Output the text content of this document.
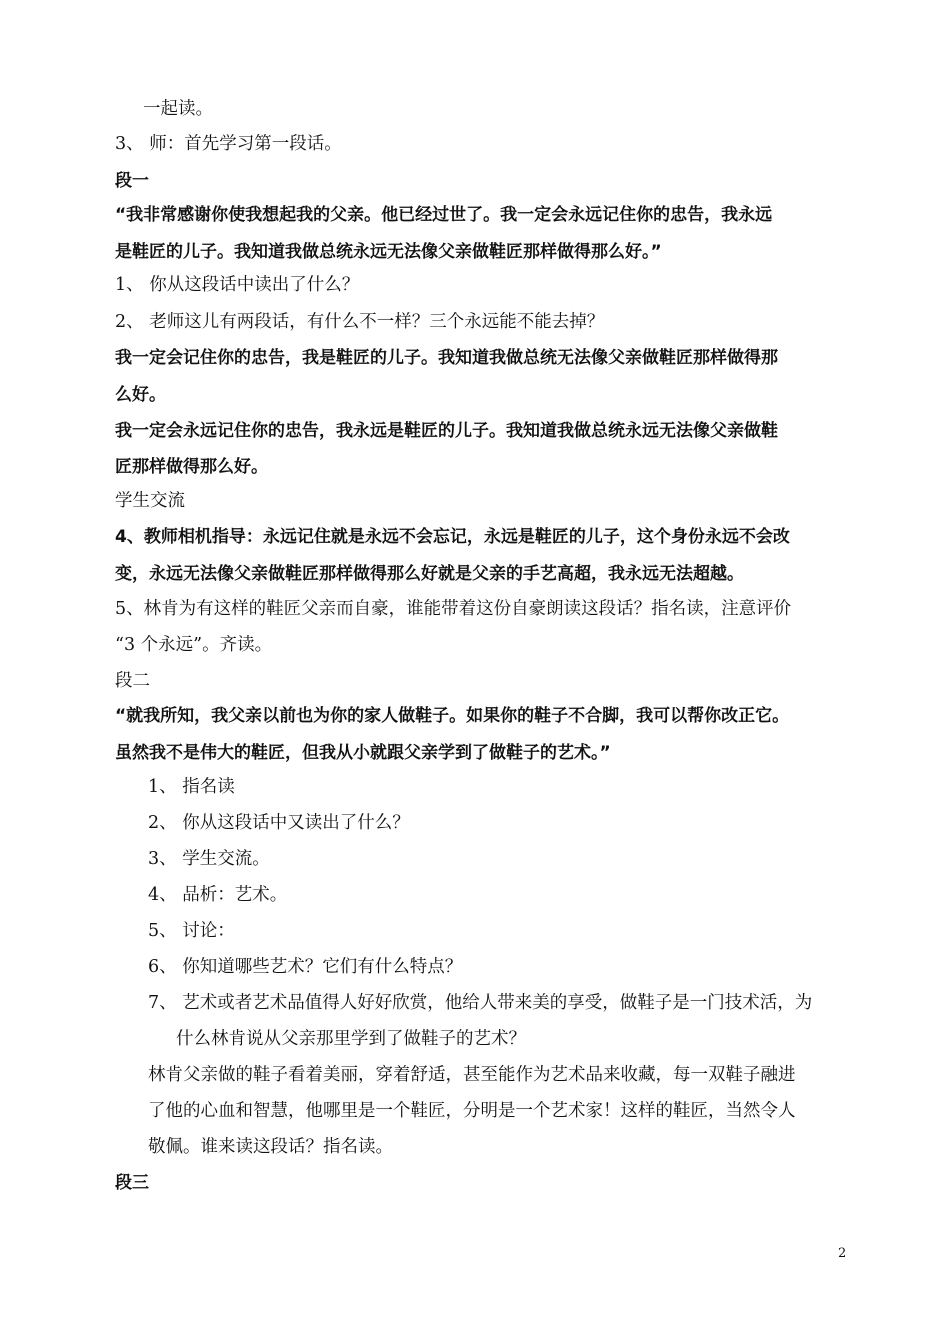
一起读。
3、 师：首先学习第一段话。
段一
“我非常感谢你使我想起我的父亲。他已经过世了。我一定会永远记住你的忠告，我永远
是鞋匠的儿子。我知道我做总统永远无法像父亲做鞋匠那样做得那么好。”
1、 你从这段话中读出了什么？
2、 老师这儿有两段话，有什么不一样？三个永远能不能去掉？
我一定会记住你的忠告，我是鞋匠的儿子。我知道我做总统无法像父亲做鞋匠那样做得那
么好。
我一定会永远记住你的忠告，我永远是鞋匠的儿子。我知道我做总统永远无法像父亲做鞋
匠那样做得那么好。
学生交流
4、教师相机指导：永远记住就是永远不会忘记，永远是鞋匠的儿子，这个身份永远不会改
变，永远无法像父亲做鞋匠那样做得那么好就是父亲的手艺高超，我永远无法超越。
5、林肯为有这样的鞋匠父亲而自豪，谁能带着这份自豪朗读这段话？指名读，注意评价
“3 个永远”。齐读。
段二
“就我所知，我父亲以前也为你的家人做鞋子。如果你的鞋子不合脚，我可以帮你改正它。
虽然我不是伟大的鞋匠，但我从小就跟父亲学到了做鞋子的艺术。”
1、 指名读
2、 你从这段话中又读出了什么？
3、 学生交流。
4、 品析：艺术。
5、 讨论：
6、 你知道哪些艺术？它们有什么特点？
7、 艺术或者艺术品值得人好好欣赏，他给人带来美的享受，做鞋子是一门技术活，为
什么林肯说从父亲那里学到了做鞋子的艺术？
林肯父亲做的鞋子看着美丽，穿着舒适，甚至能作为艺术品来收藏，每一双鞋子融进
了他的心血和智慧，他哪里是一个鞋匠，分明是一个艺术家！这样的鞋匠，当然令人
敬佩。谁来读这段话？指名读。
段三
2
